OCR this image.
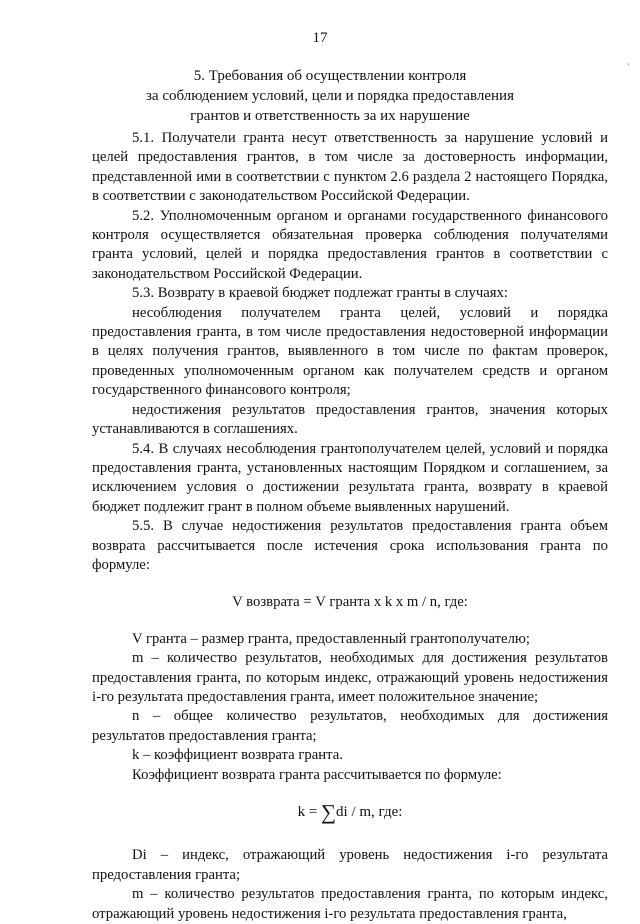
17
'
5. Требования об осуществлении контроля
за соблюдением условий, цели и порядка предоставления
грантов и ответственность за их нарушение

5.1. Получатели гранта несут ответственность за нарушение условий и целей предоставления грантов, в том числе за достоверность информации, представленной ими в соответствии с пунктом 2.6 раздела 2 настоящего Порядка, в соответствии с законодательством Российской Федерации.

5.2. Уполномоченным органом и органами государственного финансового контроля осуществляется обязательная проверка соблюдения получателями гранта условий, целей и порядка предоставления грантов в соответствии с законодательством Российской Федерации.

5.3. Возврату в краевой бюджет подлежат гранты в случаях:

несоблюдения получателем гранта целей, условий и порядка предоставления гранта, в том числе предоставления недостоверной информации в целях получения грантов, выявленного в том числе по фактам проверок, проведенных уполномоченным органом как получателем средств и органом государственного финансового контроля;

недостижения результатов предоставления грантов, значения которых устанавливаются в соглашениях.

5.4. В случаях несоблюдения грантополучателем целей, условий и порядка предоставления гранта, установленных настоящим Порядком и соглашением, за исключением условия о достижении результата гранта, возврату в краевой бюджет подлежит грант в полном объеме выявленных нарушений.

5.5. В случае недостижения результатов предоставления гранта объем возврата рассчитывается после истечения срока использования гранта по формуле:

V возврата = V гранта x k x m / n, где:

V гранта – размер гранта, предоставленный грантополучателю;

m – количество результатов, необходимых для достижения результатов предоставления гранта, по которым индекс, отражающий уровень недостижения i-го результата предоставления гранта, имеет положительное значение;

n – общее количество результатов, необходимых для достижения результатов предоставления гранта;

k – коэффициент возврата гранта.

Коэффициент возврата гранта рассчитывается по формуле:

k = ∑di / m, где:

Di – индекс, отражающий уровень недостижения i-го результата предоставления гранта;

m – количество результатов предоставления гранта, по которым индекс, отражающий уровень недостижения i-го результата предоставления гранта,
